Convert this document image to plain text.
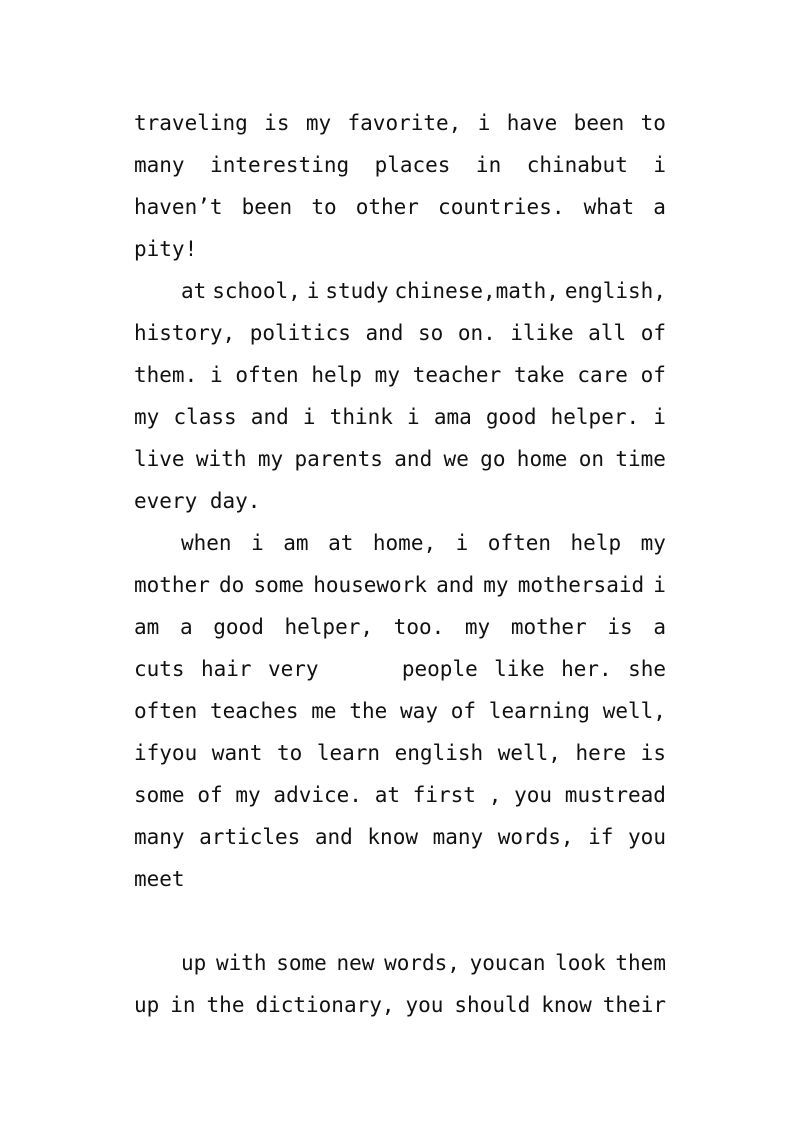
traveling is my favorite, i have been to
many interesting places in chinabut i
haven’t been to other countries. what a
pity!
at school, i study chinese,math, english,
history, politics and so on. ilike all of
them. i often help my teacher take care of
my class and i think i ama good helper. i
live with my parents and we go home on time
every day.
when i am at home, i often help my
mother do some housework and my mothersaid i
am a good helper, too. my mother is a
cuts hair very
	people like her. she
often teaches me the way of learning well,
ifyou want to learn english well, here is
some of my advice. at first , you mustread
many articles and know many words, if you
meet
up with some new words, youcan look them
up in the dictionary, you should know their
